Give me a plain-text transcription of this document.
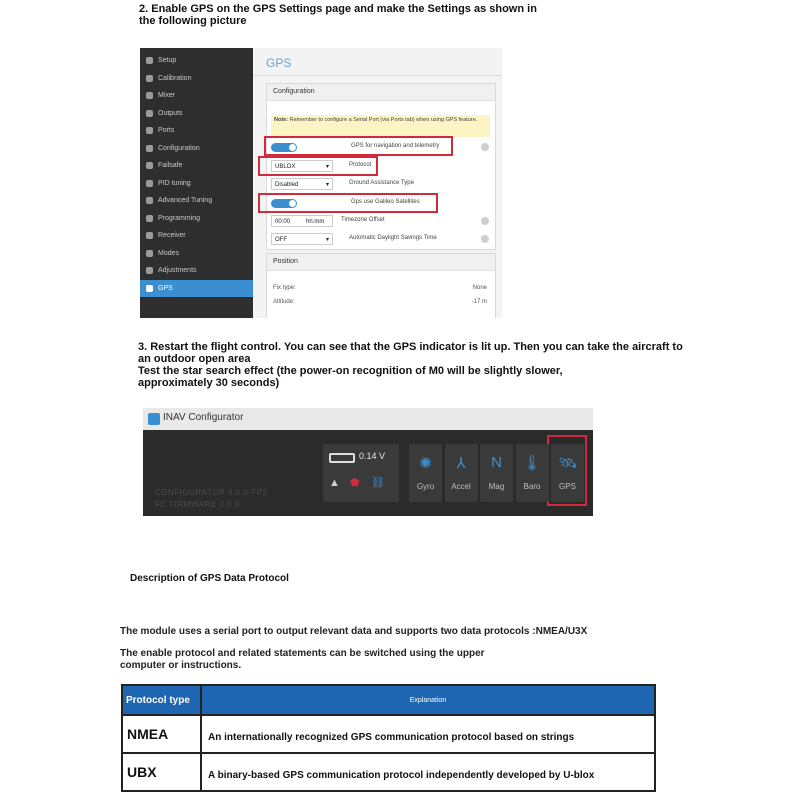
2. Enable GPS on the GPS Settings page and make the Settings as shown in
the following picture
Setup
Calibration
Mixer
Outputs
Ports
Configuration
Failsafe
PID tuning
Advanced Tuning
Programming
Receiver
Modes
Adjustments
GPS
GPS
Configuration
Note: Remember to configure a Serial Port (via Ports tab) when using GPS feature.
GPS for navigation and telemetry
UBLOX	▾	Protocol
Disabled	▾	Ground Assistance Type
Gps use Galileo Satellites
00:00	hh:mm	Timezone Offset
OFF	▾	Automatic Daylight Savings Time
Position
Fix type:	None
Altitude:	-17 m
3. Restart the flight control. You can see that the GPS indicator is lit up. Then you can take the aircraft to
an outdoor open area
Test the star search effect (the power-on recognition of M0 will be slightly slower,
approximately 30 seconds)
INAV Configurator
0.14 V
▲ ⬟ ⛓
CONFIGURATOR 6.0.0-FP2
FC FIRMWARE 0.0.0
✺
Gyro
⅄
Accel
N
Mag
🌡
Baro
🛰
GPS
Description of GPS Data Protocol
The module uses a serial port to output relevant data and supports two data protocols :NMEA/U3X
The enable protocol and related statements can be switched using the upper
computer or instructions.
Protocol type	Explanation
NMEA	An internationally recognized GPS communication protocol based on strings
UBX	A binary-based GPS communication protocol independently developed by U-blox
